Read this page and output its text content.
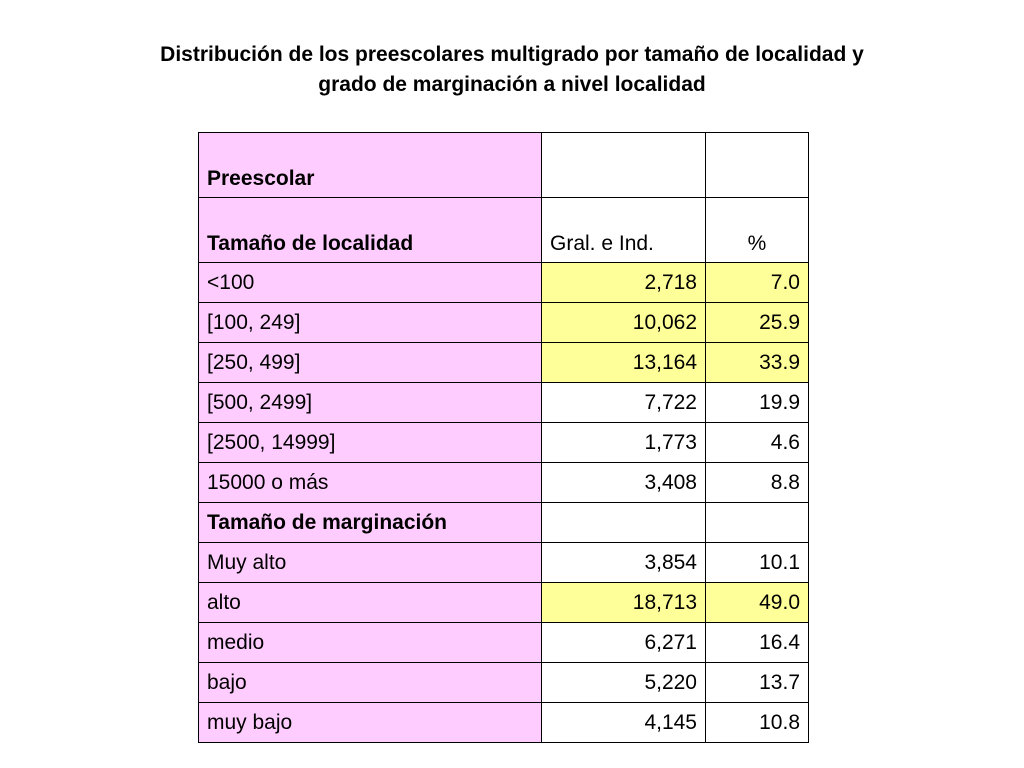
Distribución de los preescolares multigrado por tamaño de localidad y
grado de marginación a nivel localidad
Preescolar		
Tamaño de localidad	Gral. e Ind.	%
<100	2,718	7.0
[100, 249]	10,062	25.9
[250, 499]	13,164	33.9
[500, 2499]	7,722	19.9
[2500, 14999]	1,773	4.6
15000 o más	3,408	8.8
Tamaño de marginación		
Muy alto	3,854	10.1
alto	18,713	49.0
medio	6,271	16.4
bajo	5,220	13.7
muy bajo	4,145	10.8
